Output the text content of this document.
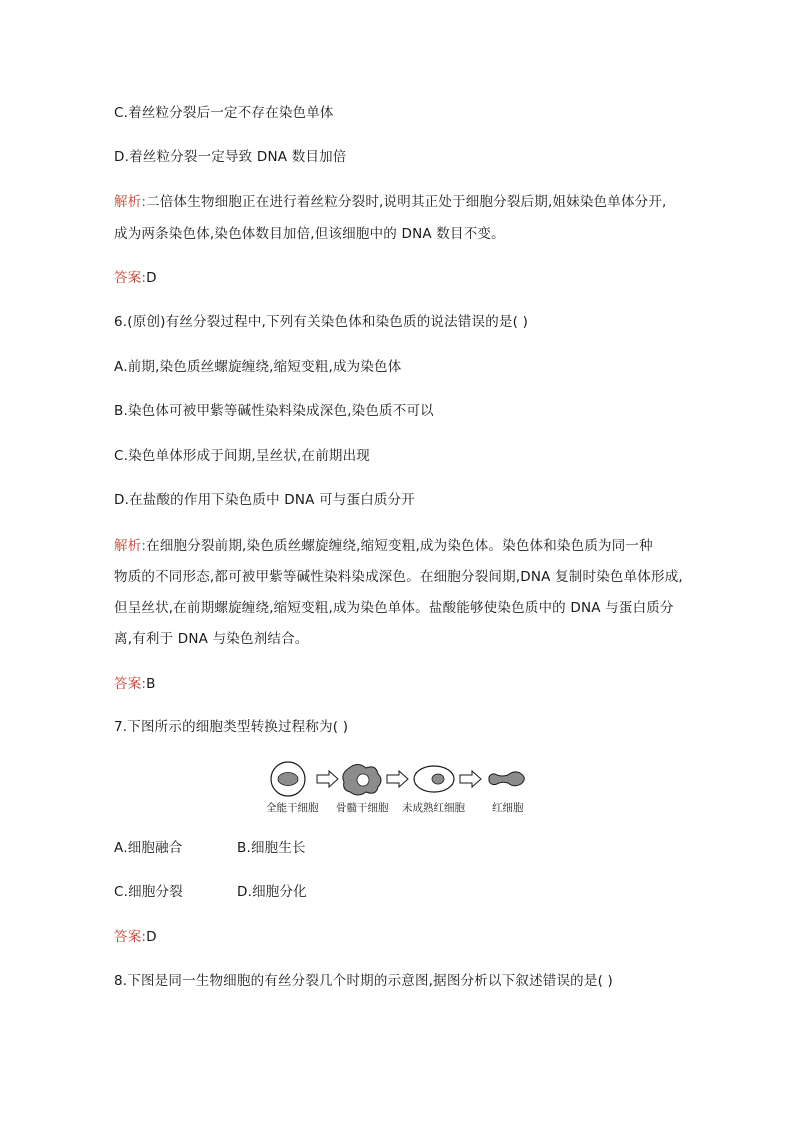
C.着丝粒分裂后一定不存在染色单体
D.着丝粒分裂一定导致 DNA 数目加倍
解析:二倍体生物细胞正在进行着丝粒分裂时,说明其正处于细胞分裂后期,姐妹染色单体分开,
成为两条染色体,染色体数目加倍,但该细胞中的 DNA 数目不变。
答案:D
6.(原创)有丝分裂过程中,下列有关染色体和染色质的说法错误的是( )
A.前期,染色质丝螺旋缠绕,缩短变粗,成为染色体
B.染色体可被甲紫等碱性染料染成深色,染色质不可以
C.染色单体形成于间期,呈丝状,在前期出现
D.在盐酸的作用下染色质中 DNA 可与蛋白质分开
解析:在细胞分裂前期,染色质丝螺旋缠绕,缩短变粗,成为染色体。染色体和染色质为同一种
物质的不同形态,都可被甲紫等碱性染料染成深色。在细胞分裂间期,DNA 复制时染色单体形成,
但呈丝状,在前期螺旋缠绕,缩短变粗,成为染色单体。盐酸能够使染色质中的 DNA 与蛋白质分
离,有利于 DNA 与染色剂结合。
答案:B
7.下图所示的细胞类型转换过程称为( )
全能干细胞 骨髓干细胞 未成熟红细胞	红细胞
A.细胞融合	B.细胞生长
C.细胞分裂	D.细胞分化
答案:D
8.下图是同一生物细胞的有丝分裂几个时期的示意图,据图分析以下叙述错误的是( )
